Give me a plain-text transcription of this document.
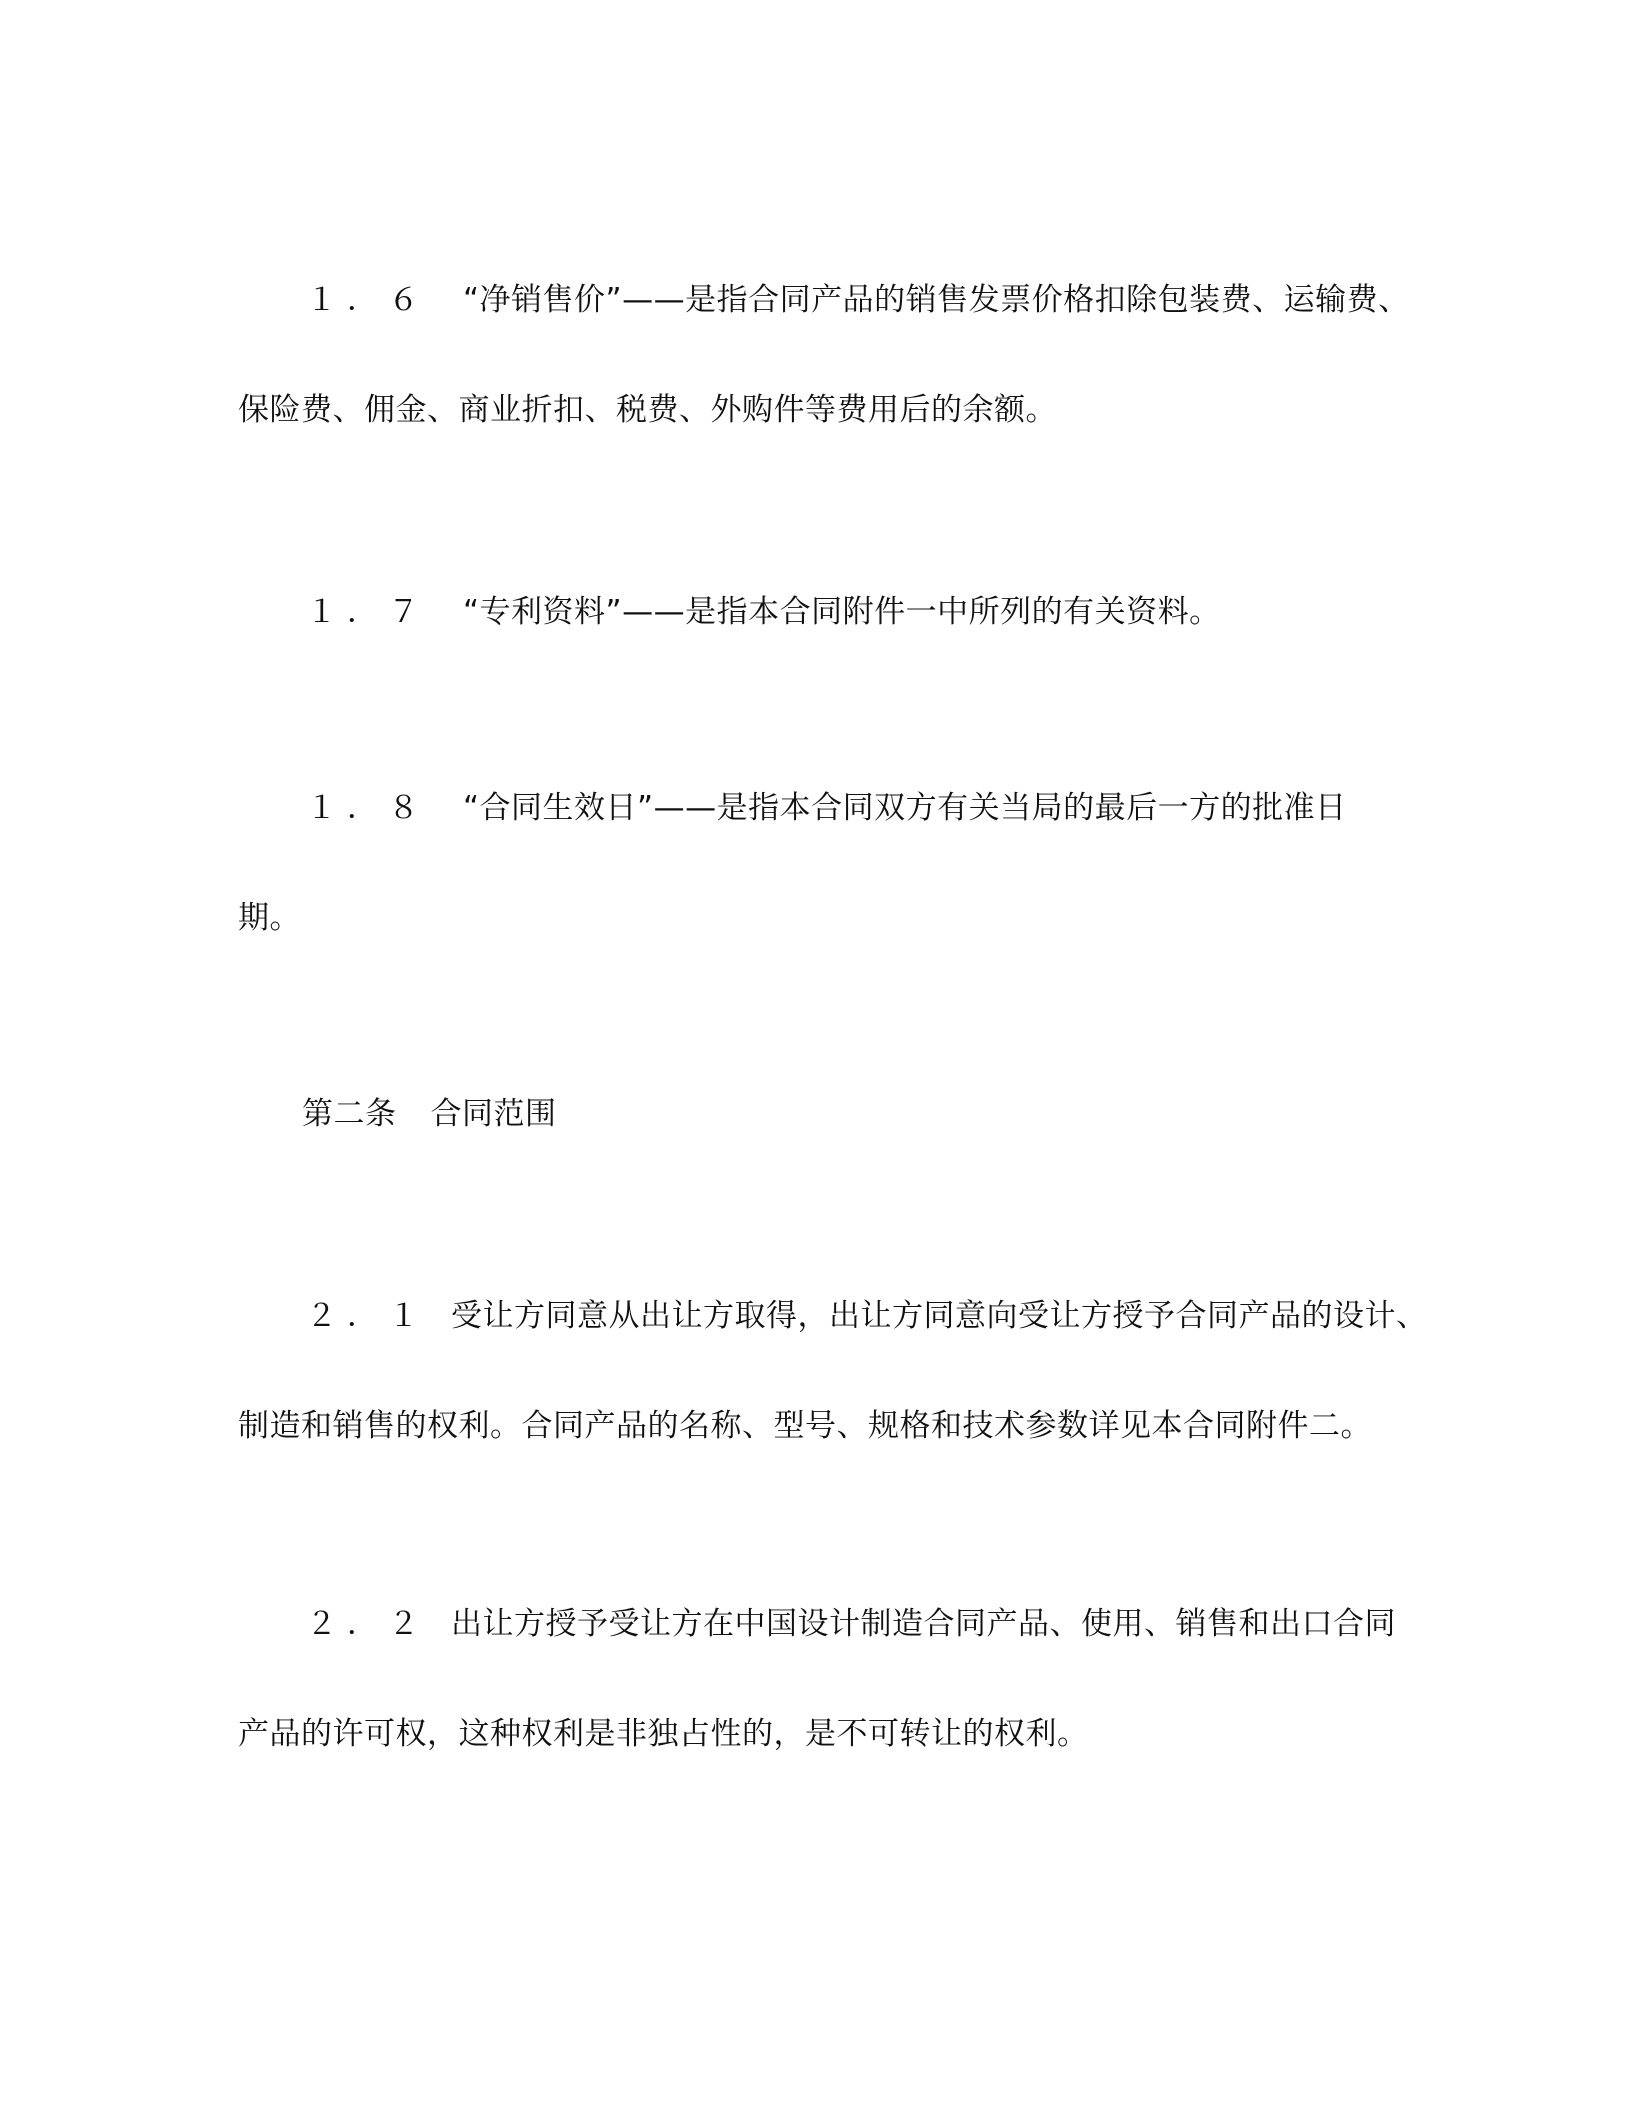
１．６ “净销售价”——是指合同产品的销售发票价格扣除包装费、运输费、

保险费、佣金、商业折扣、税费、外购件等费用后的余额。

１．７ “专利资料”——是指本合同附件一中所列的有关资料。

１．８ “合同生效日”——是指本合同双方有关当局的最后一方的批准日

期。

第二条 合同范围

２．１ 受让方同意从出让方取得，出让方同意向受让方授予合同产品的设计、

制造和销售的权利。合同产品的名称、型号、规格和技术参数详见本合同附件二。

２．２ 出让方授予受让方在中国设计制造合同产品、使用、销售和出口合同

产品的许可权，这种权利是非独占性的，是不可转让的权利。
